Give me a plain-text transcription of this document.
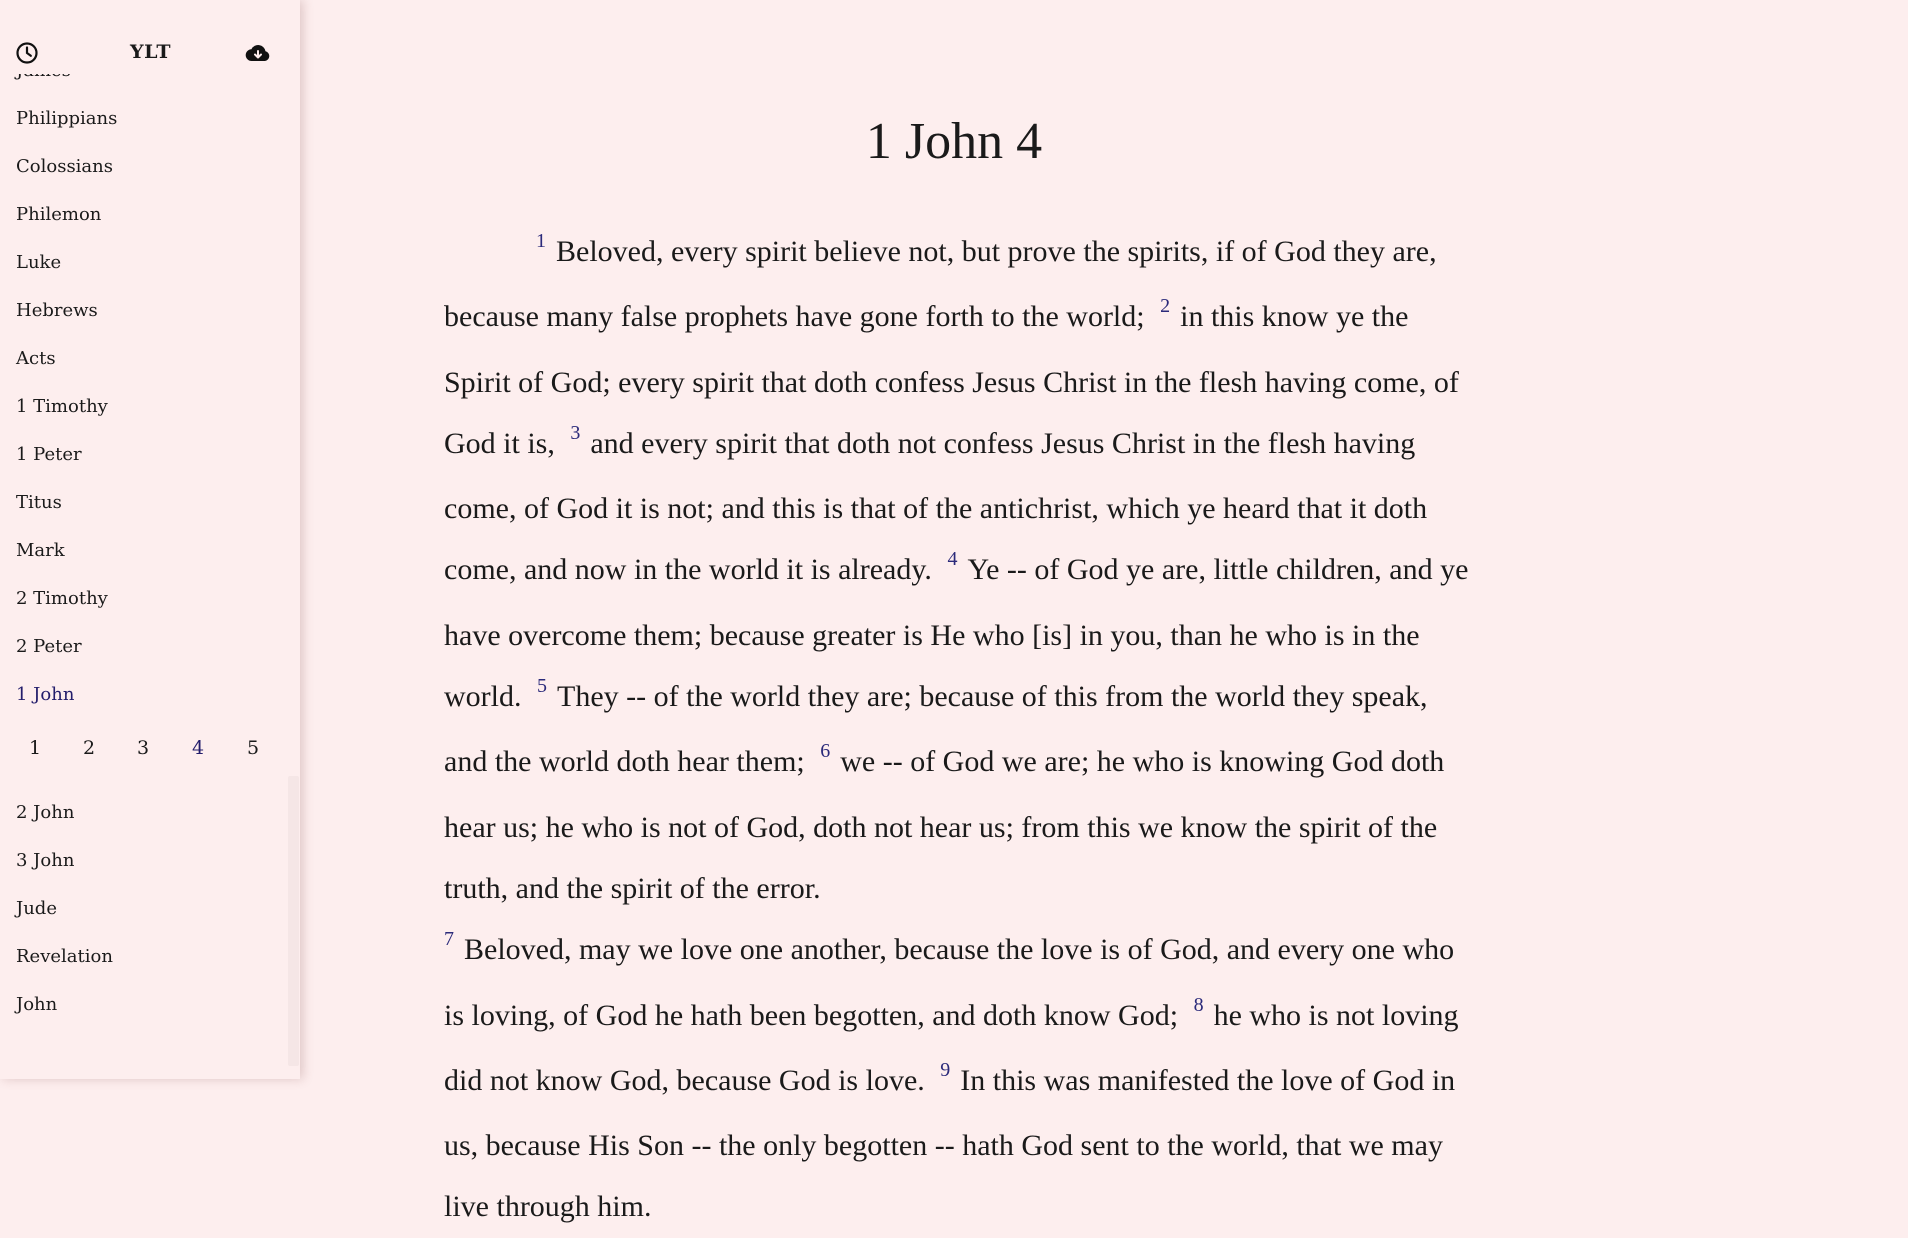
1 John 4

$^1$ Beloved, every spirit believe not, but prove the spirits, if of God they are, because many false prophets have gone forth to the world; $^2$ in this know ye the Spirit of God; every spirit that doth confess Jesus Christ in the flesh having come, of God it is, $^3$ and every spirit that doth not confess Jesus Christ in the flesh having come, of God it is not; and this is that of the antichrist, which ye heard that it doth come, and now in the world it is already. $^4$ Ye -- of God ye are, little children, and ye have overcome them; because greater is He who [is] in you, than he who is in the world. $^5$ They -- of the world they are; because of this from the world they speak, and the world doth hear them; $^6$ we -- of God we are; he who is knowing God doth hear us; he who is not of God, doth not hear us; from this we know the spirit of the truth, and the spirit of the error.

$^7$ Beloved, may we love one another, because the love is of God, and every one who is loving, of God he hath been begotten, and doth know God; $^8$ he who is not loving did not know God, because God is love. $^9$ In this was manifested the love of God in us, because His Son -- the only begotten -- hath God sent to the world, that we may live through him.

Philippians
Colossians
Philemon
Luke
Hebrews
Acts
1 Timothy
1 Peter
Titus
Mark
2 Timothy
2 Peter
1 John
1	2	3	4	5
2 John
3 John
Jude
Revelation
John
YLT
